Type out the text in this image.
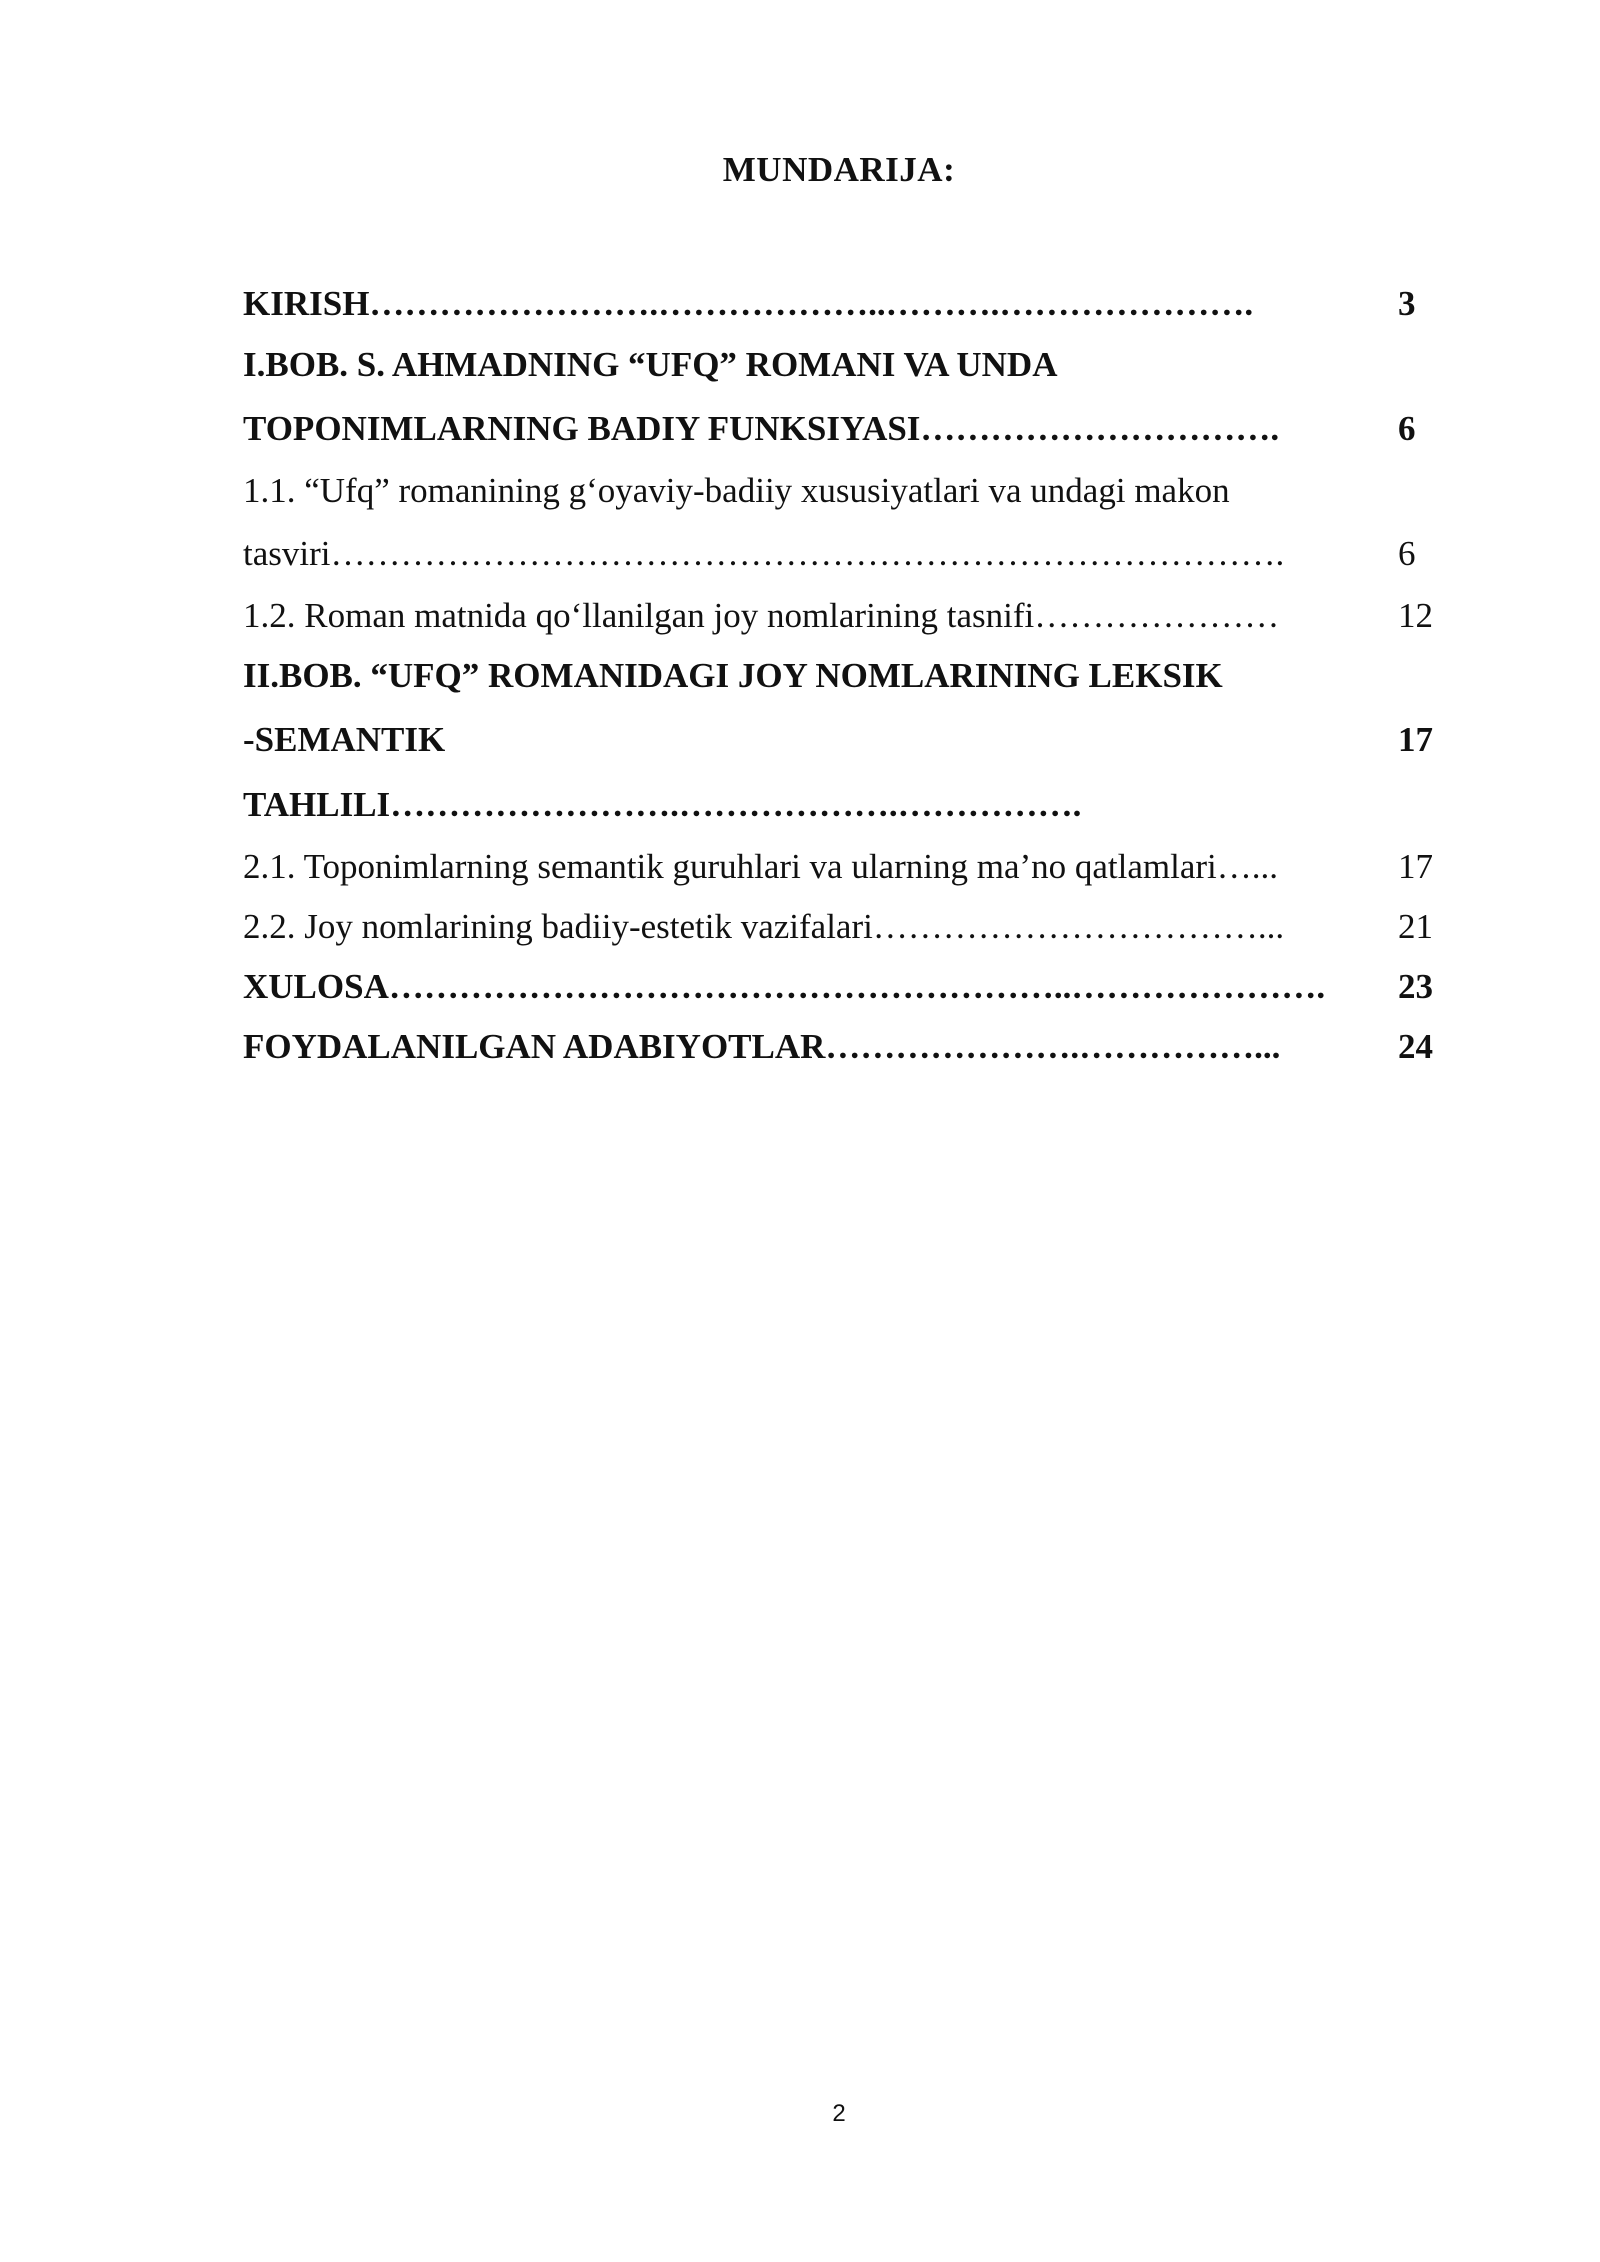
MUNDARIJA:
KIRISH…………………….………………..……….………………….	3
I.BOB. S. AHMADNING “UFQ” ROMANI VA UNDA
TOPONIMLARNING BADIY FUNKSIYASI………………………….	6
1.1. “Ufq” romanining g‘oyaviy-badiiy xususiyatlari va undagi makon
tasviri……………………………………………………………………….	6
1.2. Roman matnida qo‘llanilgan joy nomlarining tasnifi…………………	12
II.BOB. “UFQ” ROMANIDAGI JOY NOMLARINING LEKSIK
-SEMANTIK	17
TAHLILI…………………….……………….…………….
2.1. Toponimlarning semantik guruhlari va ularning ma’no qatlamlari…...	17
2.2. Joy nomlarining badiiy-estetik vazifalari……………………………...	21
XULOSA…………………………………………………..…………………. 23
FOYDALANILGAN ADABIYOTLAR………………….……………...	24
2
